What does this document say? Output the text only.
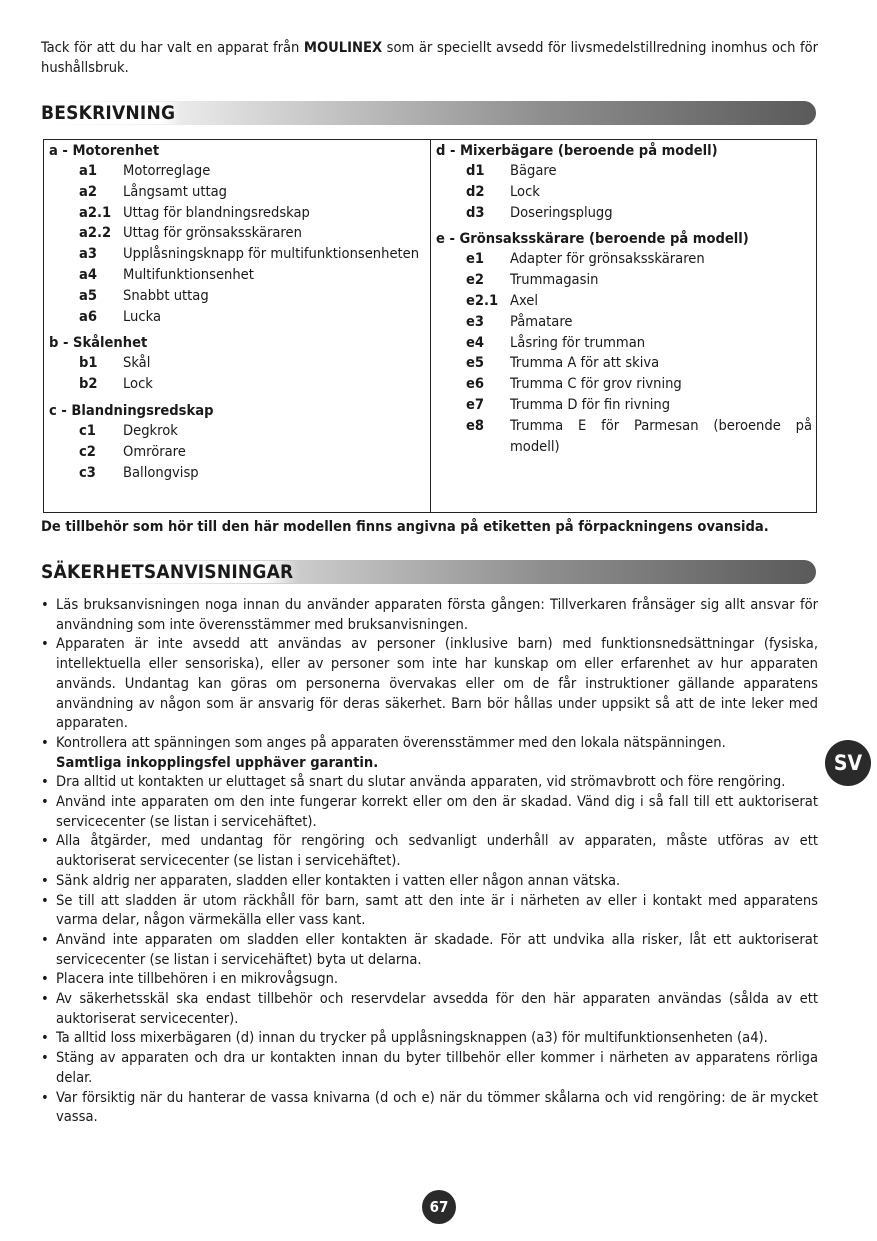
Tack för att du har valt en apparat från MOULINEX som är speciellt avsedd för livsmedelstillredning inomhus och för hushållsbruk.

BESKRIVNING
a - Motorenhet
a1	Motorreglage
a2	Långsamt uttag
a2.1 Uttag för blandningsredskap
a2.2 Uttag för grönsaksskäraren
a3	Upplåsningsknapp för multifunktionsenheten
a4	Multifunktionsenhet
a5	Snabbt uttag
a6	Lucka
b - Skålenhet
b1	Skål
b2	Lock
c - Blandningsredskap
c1	Degkrok
c2	Omrörare
c3	Ballongvisp
d - Mixerbägare (beroende på modell)
d1	Bägare
d2	Lock
d3	Doseringsplugg
e - Grönsaksskärare (beroende på modell)
e1	Adapter för grönsaksskäraren
e2	Trummagasin
e2.1 Axel
e3	Påmatare
e4	Låsring för trumman
e5	Trumma A för att skiva
e6	Trumma C för grov rivning
e7	Trumma D för fin rivning
e8	Trumma E för Parmesan (beroende på modell)

De tillbehör som hör till den här modellen finns angivna på etiketten på förpackningens ovansida.

SÄKERHETSANVISNINGAR
• Läs bruksanvisningen noga innan du använder apparaten första gången: Tillverkaren frånsäger sig allt ansvar för användning som inte överensstämmer med bruksanvisningen.
• Apparaten är inte avsedd att användas av personer (inklusive barn) med funktionsnedsättningar (fysiska, intellektuella eller sensoriska), eller av personer som inte har kunskap om eller erfarenhet av hur apparaten används. Undantag kan göras om personerna övervakas eller om de får instruktioner gällande apparatens användning av någon som är ansvarig för deras säkerhet. Barn bör hållas under uppsikt så att de inte leker med apparaten.
• Kontrollera att spänningen som anges på apparaten överensstämmer med den lokala nätspänningen.
Samtliga inkopplingsfel upphäver garantin.
• Dra alltid ut kontakten ur eluttaget så snart du slutar använda apparaten, vid strömavbrott och före rengöring.
• Använd inte apparaten om den inte fungerar korrekt eller om den är skadad. Vänd dig i så fall till ett auktoriserat servicecenter (se listan i servicehäftet).
• Alla åtgärder, med undantag för rengöring och sedvanligt underhåll av apparaten, måste utföras av ett auktoriserat servicecenter (se listan i servicehäftet).
• Sänk aldrig ner apparaten, sladden eller kontakten i vatten eller någon annan vätska.
• Se till att sladden är utom räckhåll för barn, samt att den inte är i närheten av eller i kontakt med apparatens varma delar, någon värmekälla eller vass kant.
• Använd inte apparaten om sladden eller kontakten är skadade. För att undvika alla risker, låt ett auktoriserat servicecenter (se listan i servicehäftet) byta ut delarna.
• Placera inte tillbehören i en mikrovågsugn.
• Av säkerhetsskäl ska endast tillbehör och reservdelar avsedda för den här apparaten användas (sålda av ett auktoriserat servicecenter).
• Ta alltid loss mixerbägaren (d) innan du trycker på upplåsningsknappen (a3) för multifunktionsenheten (a4).
• Stäng av apparaten och dra ur kontakten innan du byter tillbehör eller kommer i närheten av apparatens rörliga delar.
• Var försiktig när du hanterar de vassa knivarna (d och e) när du tömmer skålarna och vid rengöring: de är mycket vassa.
SV
67
